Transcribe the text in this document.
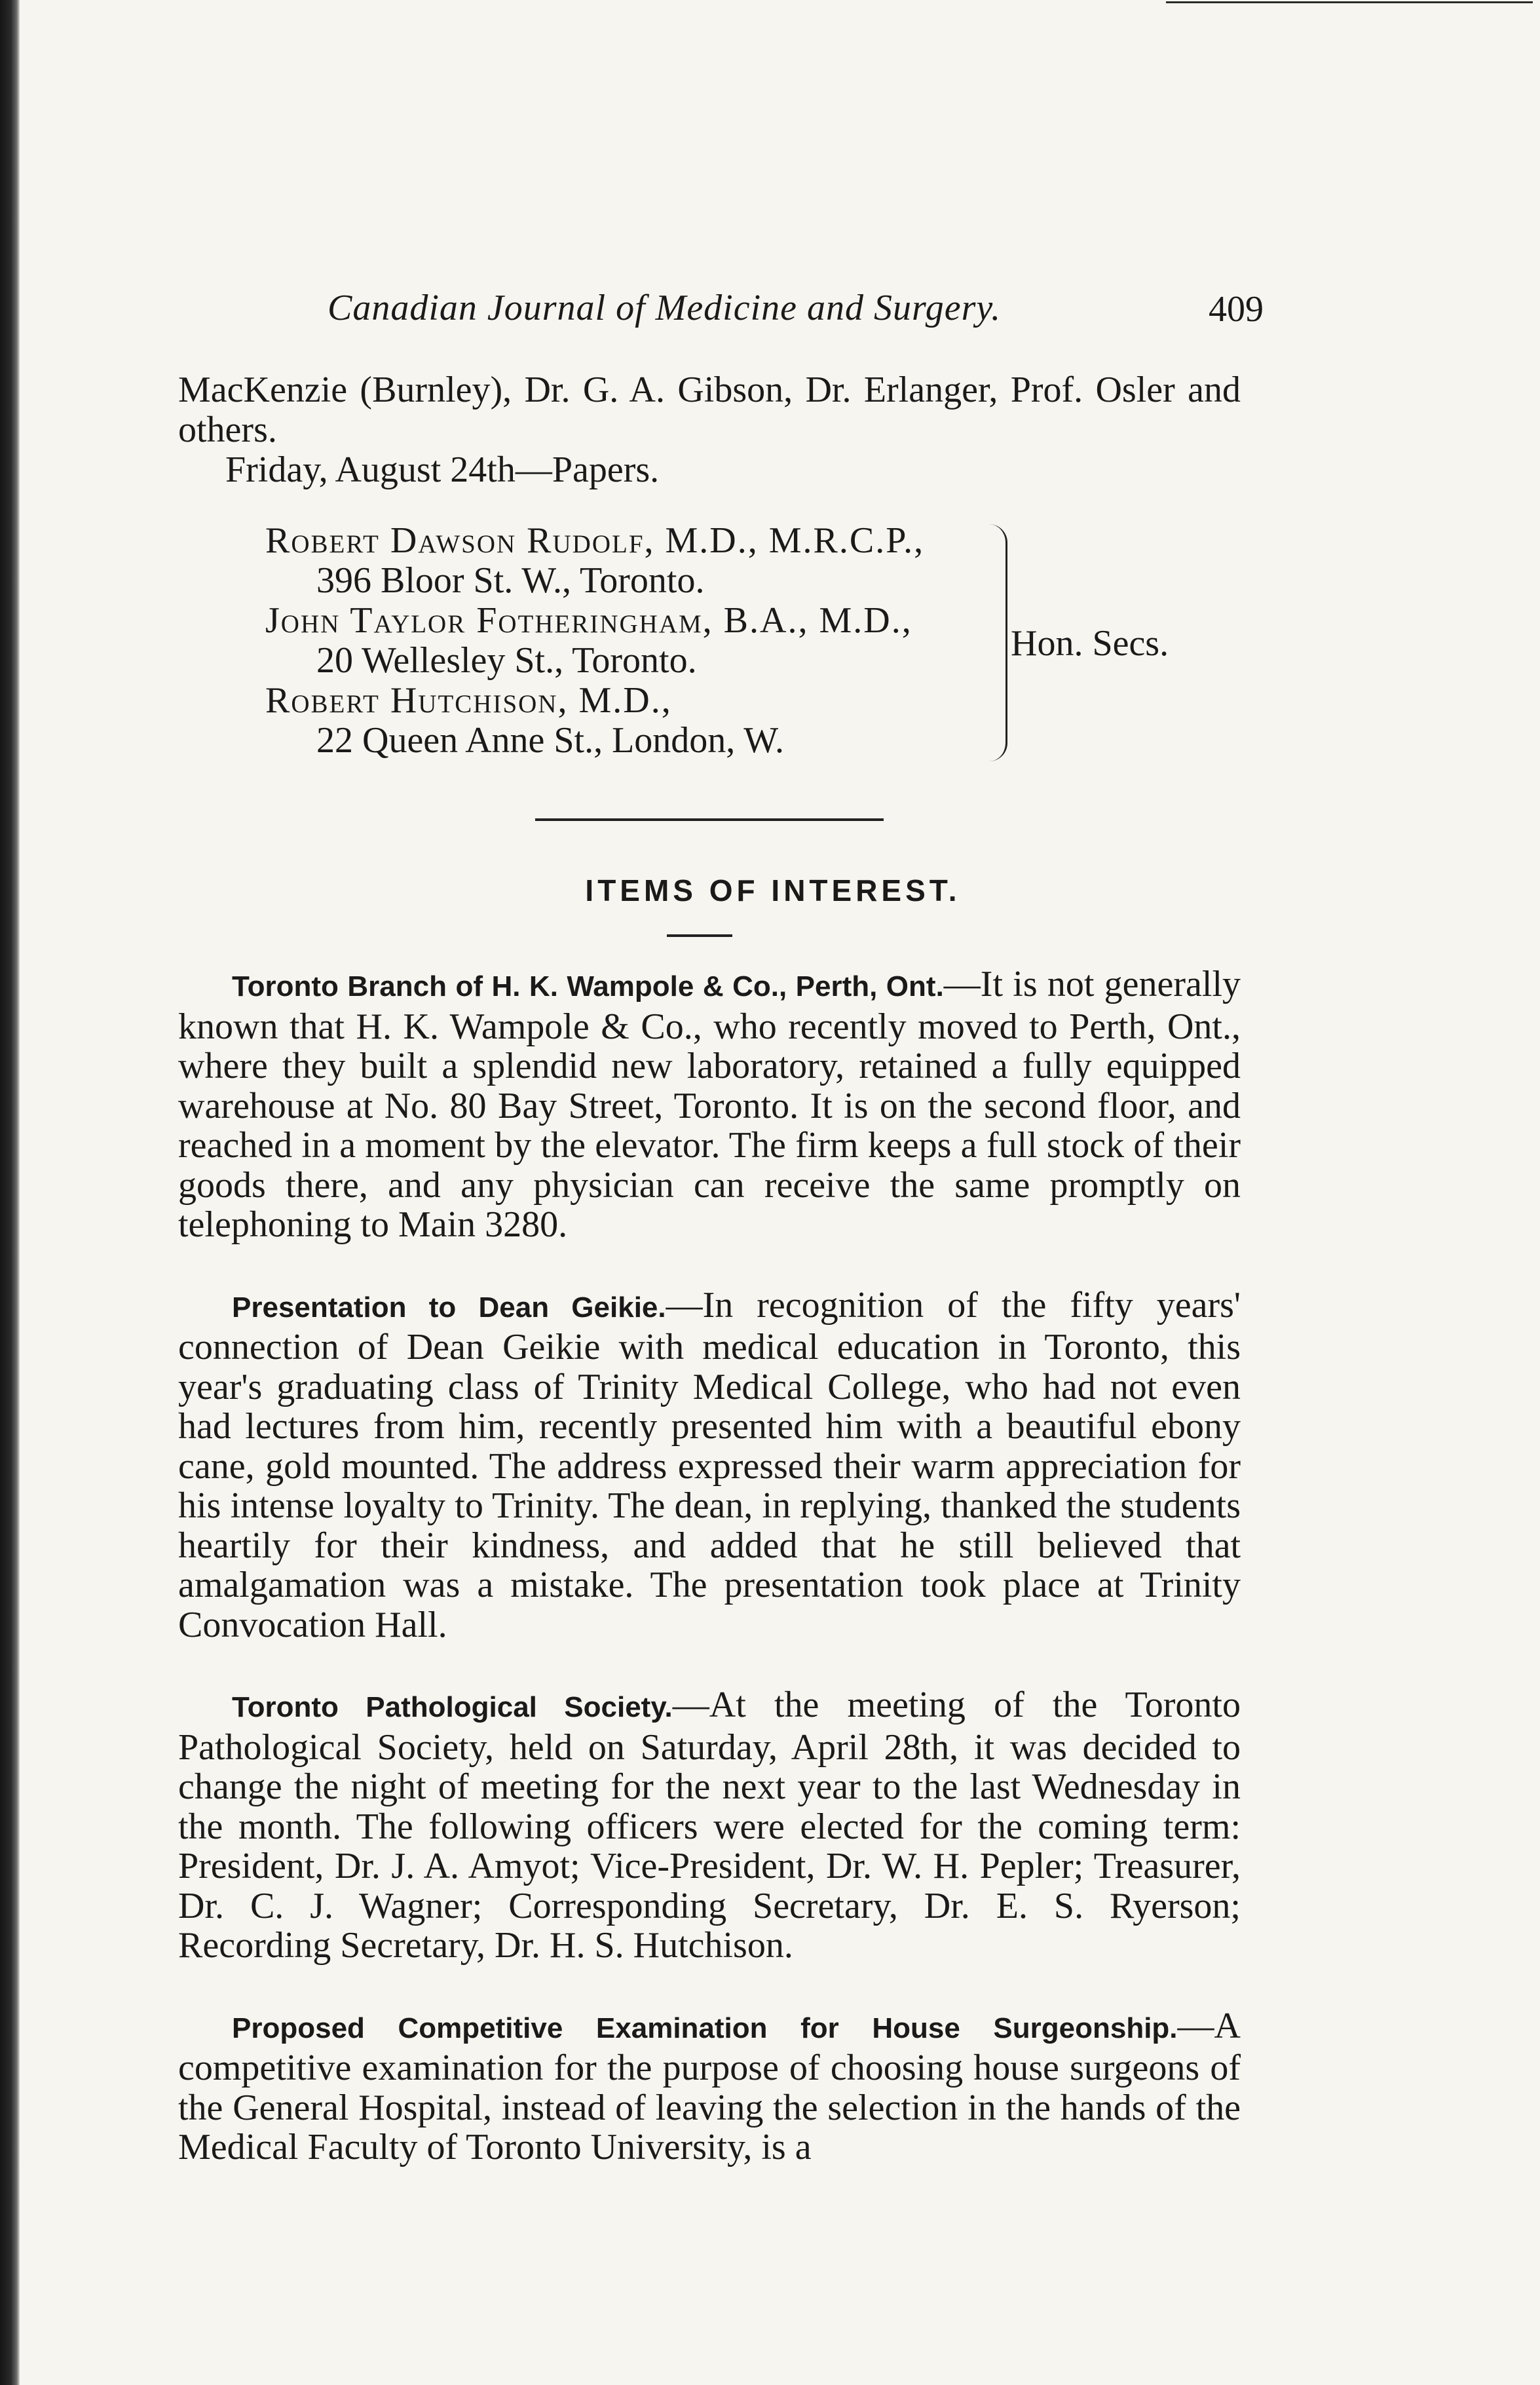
Canadian Journal of Medicine and Surgery.	409

MacKenzie (Burnley), Dr. G. A. Gibson, Dr. Erlanger, Prof. Osler and others.

Friday, August 24th—Papers.

Robert Dawson Rudolf, M.D., M.R.C.P.,
396 Bloor St. W., Toronto.
John Taylor Fotheringham, B.A., M.D.,
20 Wellesley St., Toronto.
Robert Hutchison, M.D.,
22 Queen Anne St., London, W.
Hon. Secs.
ITEMS OF INTEREST.

Toronto Branch of H. K. Wampole & Co., Perth, Ont.—It is not generally known that H. K. Wampole & Co., who recently moved to Perth, Ont., where they built a splendid new laboratory, retained a fully equipped warehouse at No. 80 Bay Street, Toronto. It is on the second floor, and reached in a moment by the elevator. The firm keeps a full stock of their goods there, and any physician can receive the same promptly on telephoning to Main 3280.

Presentation to Dean Geikie.—In recognition of the fifty years' connection of Dean Geikie with medical education in Toronto, this year's graduating class of Trinity Medical College, who had not even had lectures from him, recently presented him with a beautiful ebony cane, gold mounted. The address expressed their warm appreciation for his intense loyalty to Trinity. The dean, in replying, thanked the students heartily for their kindness, and added that he still believed that amalgamation was a mistake. The presentation took place at Trinity Convocation Hall.

Toronto Pathological Society.—At the meeting of the Toronto Pathological Society, held on Saturday, April 28th, it was decided to change the night of meeting for the next year to the last Wednesday in the month. The following officers were elected for the coming term: President, Dr. J. A. Amyot; Vice-President, Dr. W. H. Pepler; Treasurer, Dr. C. J. Wagner; Corresponding Secretary, Dr. E. S. Ryerson; Recording Secretary, Dr. H. S. Hutchison.

Proposed Competitive Examination for House Surgeonship.—A competitive examination for the purpose of choosing house surgeons of the General Hospital, instead of leaving the selection in the hands of the Medical Faculty of Toronto University, is a
